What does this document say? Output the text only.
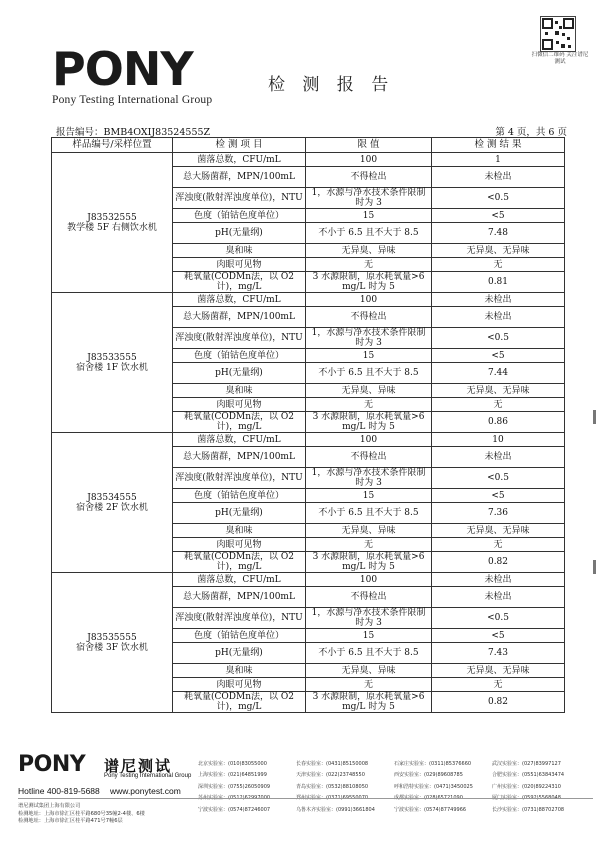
PONY
Pony Testing International Group
检 测 报 告
扫微信二维码 关注谱尼测试
报告编号：BMB4OXIJ83524555Z	第 4 页，共 6 页
样品编号/采样位置	检 测 项 目	限 值	检 测 结 果
J83532555
教学楼 5F 右侧饮水机	菌落总数，CFU/mL	100	1
	总大肠菌群，MPN/100mL	不得检出	未检出
	浑浊度(散射浑浊度单位)，NTU	1，水源与净水技术条件限制时为 3	<0.5
	色度（铂钴色度单位）	15	<5
	pH(无量纲)	不小于 6.5 且不大于 8.5	7.48
	臭和味	无异臭、异味	无异臭、无异味
	肉眼可见物	无	无
	耗氧量(CODMn法，以 O2 计)，mg/L	3 水源限制，原水耗氧量>6 mg/L 时为 5	0.81
J83533555
宿舍楼 1F 饮水机	菌落总数，CFU/mL	100	未检出
	总大肠菌群，MPN/100mL	不得检出	未检出
	浑浊度(散射浑浊度单位)，NTU	1，水源与净水技术条件限制时为 3	<0.5
	色度（铂钴色度单位）	15	<5
	pH(无量纲)	不小于 6.5 且不大于 8.5	7.44
	臭和味	无异臭、异味	无异臭、无异味
	肉眼可见物	无	无
	耗氧量(CODMn法，以 O2 计)，mg/L	3 水源限制，原水耗氧量>6 mg/L 时为 5	0.86
J83534555
宿舍楼 2F 饮水机	菌落总数，CFU/mL	100	10
	总大肠菌群，MPN/100mL	不得检出	未检出
	浑浊度(散射浑浊度单位)，NTU	1，水源与净水技术条件限制时为 3	<0.5
	色度（铂钴色度单位）	15	<5
	pH(无量纲)	不小于 6.5 且不大于 8.5	7.36
	臭和味	无异臭、异味	无异臭、无异味
	肉眼可见物	无	无
	耗氧量(CODMn法，以 O2 计)，mg/L	3 水源限制，原水耗氧量>6 mg/L 时为 5	0.82
J83535555
宿舍楼 3F 饮水机	菌落总数，CFU/mL	100	未检出
	总大肠菌群，MPN/100mL	不得检出	未检出
	浑浊度(散射浑浊度单位)，NTU	1，水源与净水技术条件限制时为 3	<0.5
	色度（铂钴色度单位）	15	<5
	pH(无量纲)	不小于 6.5 且不大于 8.5	7.43
	臭和味	无异臭、异味	无异臭、无异味
	肉眼可见物	无	无
	耗氧量(CODMn法，以 O2 计)，mg/L	3 水源限制，原水耗氧量>6 mg/L 时为 5	0.82
PONY 谱尼测试
Pony Testing International Group
Hotline 400-819-5688 www.ponytest.com
北京实验室：(010)83055000	长春实验室：(0431)85150008	石家庄实验室：(0311)85376660	武汉实验室：(027)83997127上海实验室：(021)64851999	天津实验室：(022)23748550	西安实验室：(029)89608785	合肥实验室：(0551)63843474深圳实验室：(0755)26050909	青岛实验室：(0532)88108050	呼和浩特实验室：(0471)3450025	广州实验室：(020)89224310苏州实验室：(0512)62997000	郑州实验室：(0371)69550070	成都实验室：(028)65721090	厦门实验室：(0592)5568048宁波实验室：(0574)87246007	乌鲁木齐实验室：(0991)3661804	宁波实验室：(0574)87749966	长沙实验室：(0731)88702708
谱尼测试集团上海有限公司
检测地址：上海市徐汇区桂平路680号35幢2-4楼、6楼
检测地址：上海市徐汇区桂平路471号7幢6层
